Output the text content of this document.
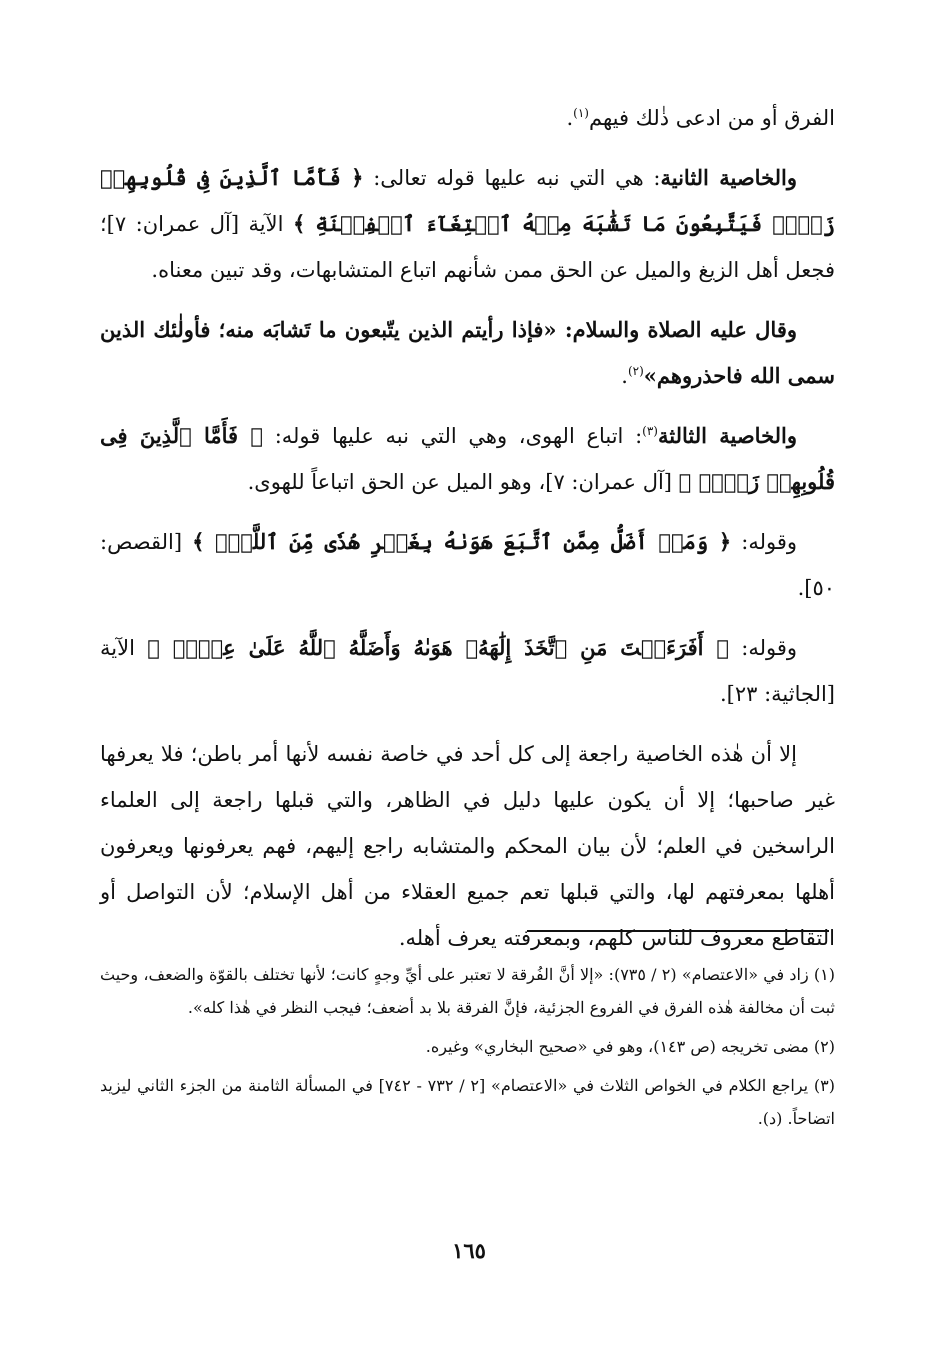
الفرق أو من ادعى ذٰلك فيهم$^{(١)}$.

والخاصية الثانية: هي التي نبه عليها قوله تعالى: ﴿ فَأَمَّا ٱلَّذِينَ فِى قُلُوبِهِمۡ زَيۡغٞ فَيَتَّبِعُونَ مَا تَشَٰبَهَ مِنۡهُ ٱبۡتِغَآءَ ٱلۡفِتۡنَةِ ﴾ الآية [آل عمران: ٧]؛ فجعل أهل الزيغ والميل عن الحق ممن شأنهم اتباع المتشابهات، وقد تبين معناه.

وقال عليه الصلاة والسلام: «فإذا رأيتم الذين يتّبعون ما تَشابَه منه؛ فأولٰئك الذين سمى الله فاحذروهم»$^{(٢)}$.

والخاصية الثالثة$^{(٣)}$: اتباع الهوى، وهي التي نبه عليها قوله: ﴿ فَأَمَّا ٱلَّذِينَ فِى قُلُوبِهِمۡ زَيۡغٞ ﴾ [آل عمران: ٧]، وهو الميل عن الحق اتباعاً للهوى.

وقوله: ﴿ وَمَنۡ أَضَلُّ مِمَّنِ ٱتَّبَعَ هَوَىٰهُ بِغَيۡرِ هُدٗى مِّنَ ٱللَّهِۚ ﴾ [القصص: ٥٠].

وقوله: ﴿ أَفَرَءَيۡتَ مَنِ ٱتَّخَذَ إِلَٰهَهُۥ هَوَىٰهُ وَأَضَلَّهُ ٱللَّهُ عَلَىٰ عِلۡمٖ ﴾ الآية [الجاثية: ٢٣].

إلا أن هٰذه الخاصية راجعة إلى كل أحد في خاصة نفسه لأنها أمر باطن؛ فلا يعرفها غير صاحبها؛ إلا أن يكون عليها دليل في الظاهر، والتي قبلها راجعة إلى العلماء الراسخين في العلم؛ لأن بيان المحكم والمتشابه راجع إليهم، فهم يعرفونها ويعرفون أهلها بمعرفتهم لها، والتي قبلها تعم جميع العقلاء من أهل الإسلام؛ لأن التواصل أو التقاطع معروف للناس كلهم، وبمعرفته يعرف أهله.

(١) زاد في «الاعتصام» (٢ / ٧٣٥): «إلا أنَّ الفُرقة لا تعتبر على أيِّ وجهٍ كانت؛ لأنها تختلف بالقوّة والضعف، وحيث ثبت أن مخالفة هٰذه الفرق في الفروع الجزئية، فإنَّ الفرقة بلا بد أضعف؛ فيجب النظر في هٰذا كله».

(٢) مضى تخريجه (ص ١٤٣)، وهو في «صحيح البخاري» وغيره.

(٣) يراجع الكلام في الخواص الثلاث في «الاعتصام» [٢ / ٧٣٢ - ٧٤٢] في المسألة الثامنة من الجزء الثاني ليزيد اتضاحاً. (د).

١٦٥
